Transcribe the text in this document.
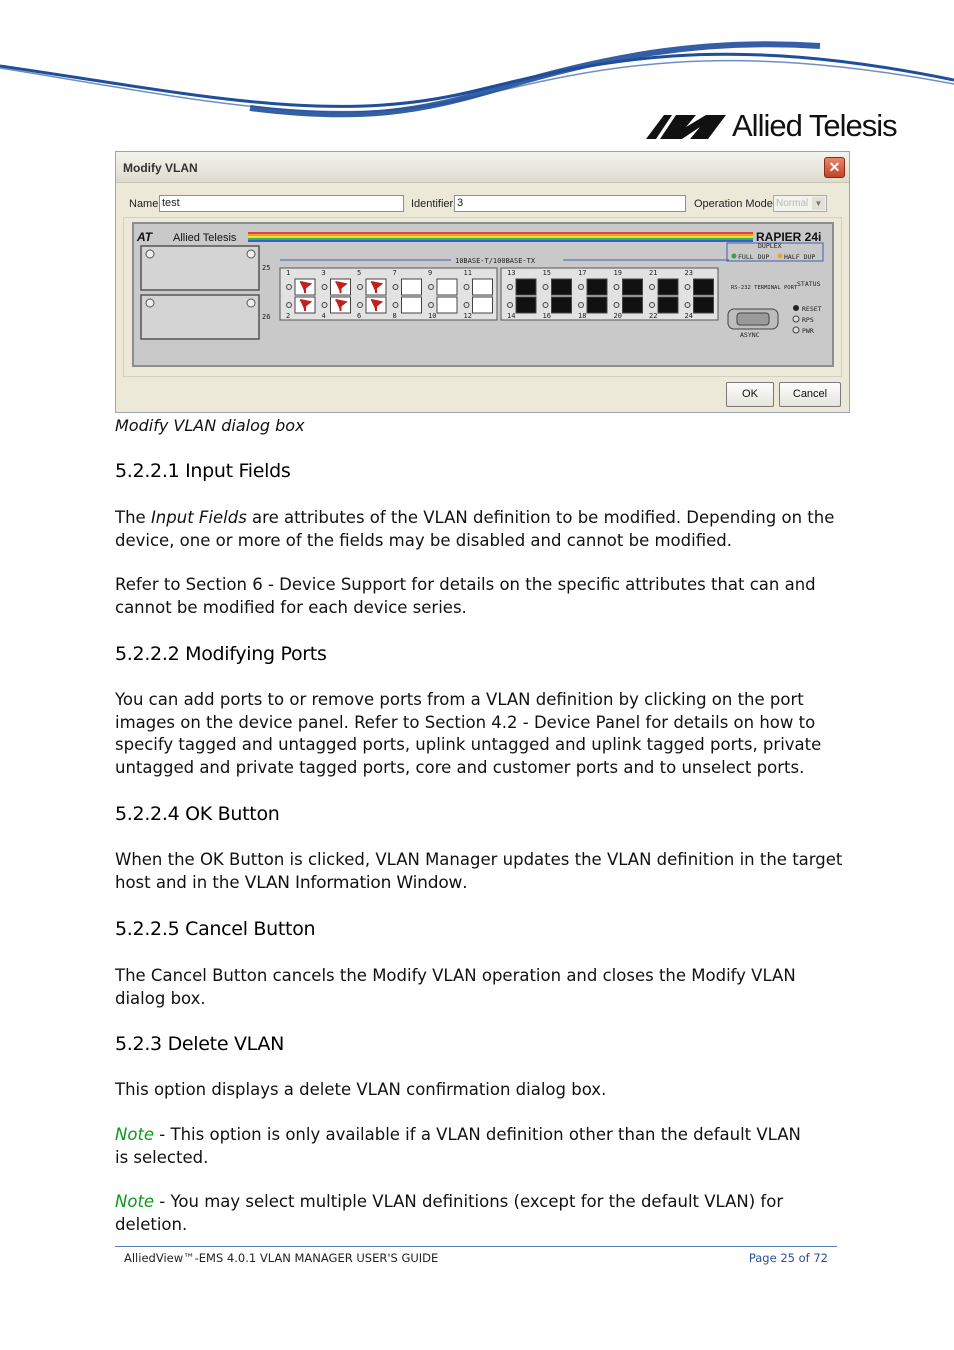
Allied Telesis
Modify VLAN	✕
Name test	Identifier 3	Operation Mode Normal ▼
AT Allied Telesis	RAPIER 24i
25
26
10BASE-T/100BASE-TX
1
2
3
4
5
6
7
8
9
10
11
12
13
14
15
16
17
18
19
20
21
22
23
24
DUPLEX
FULL DUP HALF DUP
RS-232 TERMINAL PORT
ASYNC
STATUS
RESET
RPS
PWR
OK	Cancel
Modify VLAN dialog box
5.2.2.1 Input Fields
The Input Fields are attributes of the VLAN definition to be modified. Depending on the device, one or more of the fields may be disabled and cannot be modified.
Refer to Section 6 - Device Support for details on the specific attributes that can and cannot be modified for each device series.
5.2.2.2 Modifying Ports
You can add ports to or remove ports from a VLAN definition by clicking on the port images on the device panel. Refer to Section 4.2 - Device Panel for details on how to specify tagged and untagged ports, uplink untagged and uplink tagged ports, private untagged and private tagged ports, core and customer ports and to unselect ports.
5.2.2.4 OK Button
When the OK Button is clicked, VLAN Manager updates the VLAN definition in the target host and in the VLAN Information Window.
5.2.2.5 Cancel Button
The Cancel Button cancels the Modify VLAN operation and closes the Modify VLAN dialog box.
5.2.3 Delete VLAN
This option displays a delete VLAN confirmation dialog box.
Note - This option is only available if a VLAN definition other than the default VLAN
is selected.
Note - You may select multiple VLAN definitions (except for the default VLAN) for deletion.
AlliedView™-EMS 4.0.1 VLAN MANAGER USER'S GUIDE	Page 25 of 72
